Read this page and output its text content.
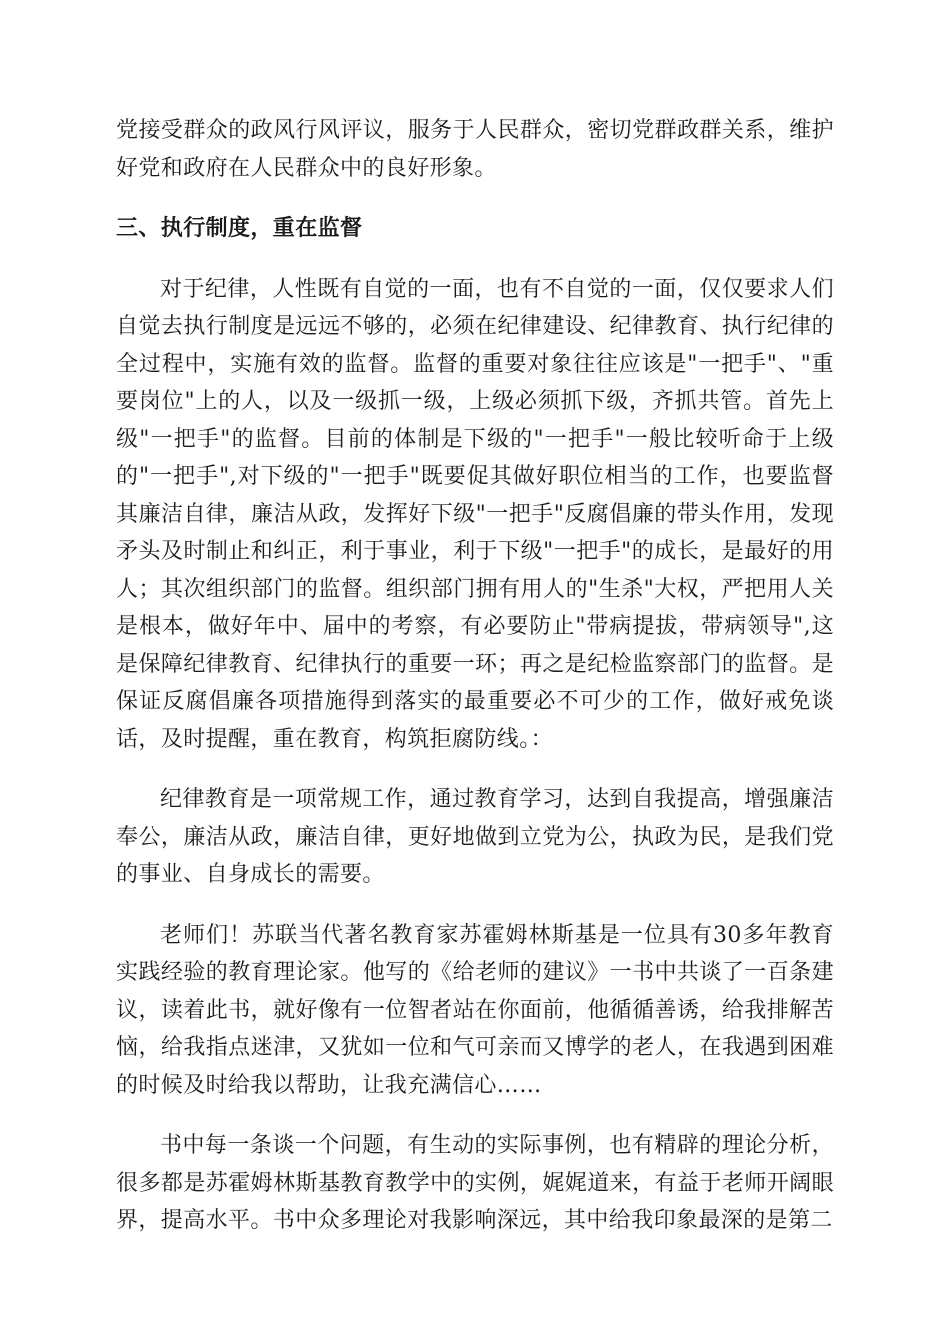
党接受群众的政风行风评议，服务于人民群众，密切党群政群关系，维护好党和政府在人民群众中的良好形象。

三、执行制度，重在监督

对于纪律，人性既有自觉的一面，也有不自觉的一面，仅仅要求人们自觉去执行制度是远远不够的，必须在纪律建设、纪律教育、执行纪律的全过程中，实施有效的监督。监督的重要对象往往应该是"一把手"、"重要岗位"上的人，以及一级抓一级，上级必须抓下级，齐抓共管。首先上级"一把手"的监督。目前的体制是下级的"一把手"一般比较听命于上级的"一把手",对下级的"一把手"既要促其做好职位相当的工作，也要监督其廉洁自律，廉洁从政，发挥好下级"一把手"反腐倡廉的带头作用，发现矛头及时制止和纠正，利于事业，利于下级"一把手"的成长，是最好的用人；其次组织部门的监督。组织部门拥有用人的"生杀"大权，严把用人关是根本，做好年中、届中的考察，有必要防止"带病提拔，带病领导",这是保障纪律教育、纪律执行的重要一环；再之是纪检监察部门的监督。是保证反腐倡廉各项措施得到落实的最重要必不可少的工作，做好戒免谈话，及时提醒，重在教育，构筑拒腐防线。：

纪律教育是一项常规工作，通过教育学习，达到自我提高，增强廉洁奉公，廉洁从政，廉洁自律，更好地做到立党为公，执政为民，是我们党的事业、自身成长的需要。

老师们！苏联当代著名教育家苏霍姆林斯基是一位具有30多年教育实践经验的教育理论家。他写的《给老师的建议》一书中共谈了一百条建议，读着此书，就好像有一位智者站在你面前，他循循善诱，给我排解苦恼，给我指点迷津，又犹如一位和气可亲而又博学的老人，在我遇到困难的时候及时给我以帮助，让我充满信心……

书中每一条谈一个问题，有生动的实际事例，也有精辟的理论分析，很多都是苏霍姆林斯基教育教学中的实例，娓娓道来，有益于老师开阔眼界，提高水平。书中众多理论对我影响深远，其中给我印象最深的是第二
